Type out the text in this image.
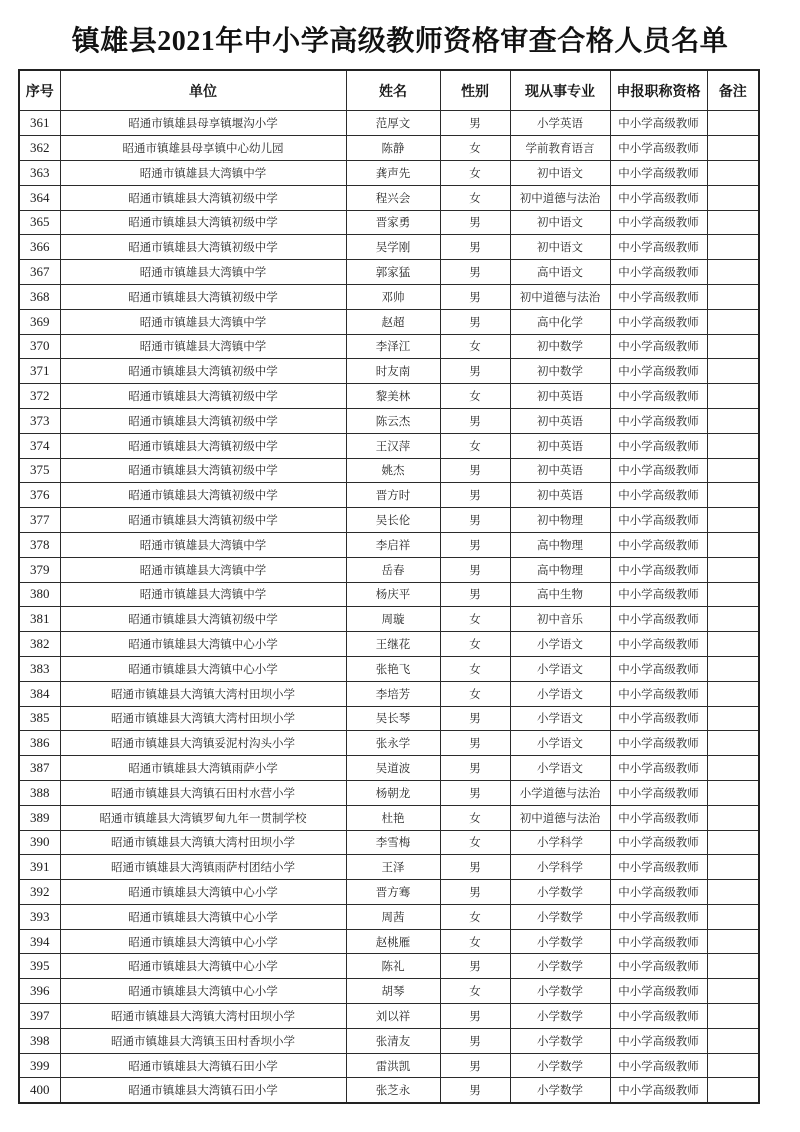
镇雄县2021年中小学高级教师资格审查合格人员名单
序号	单位	姓名	性别	现从事专业	申报职称资格	备注
361	昭通市镇雄县母享镇堰沟小学	范厚文	男	小学英语	中小学高级教师	
362	昭通市镇雄县母享镇中心幼儿园	陈静	女	学前教育语言	中小学高级教师	
363	昭通市镇雄县大湾镇中学	龚声先	女	初中语文	中小学高级教师	
364	昭通市镇雄县大湾镇初级中学	程兴会	女	初中道德与法治	中小学高级教师	
365	昭通市镇雄县大湾镇初级中学	晋家勇	男	初中语文	中小学高级教师	
366	昭通市镇雄县大湾镇初级中学	吴学刚	男	初中语文	中小学高级教师	
367	昭通市镇雄县大湾镇中学	郭家猛	男	高中语文	中小学高级教师	
368	昭通市镇雄县大湾镇初级中学	邓帅	男	初中道德与法治	中小学高级教师	
369	昭通市镇雄县大湾镇中学	赵超	男	高中化学	中小学高级教师	
370	昭通市镇雄县大湾镇中学	李泽江	女	初中数学	中小学高级教师	
371	昭通市镇雄县大湾镇初级中学	时友南	男	初中数学	中小学高级教师	
372	昭通市镇雄县大湾镇初级中学	黎美林	女	初中英语	中小学高级教师	
373	昭通市镇雄县大湾镇初级中学	陈云杰	男	初中英语	中小学高级教师	
374	昭通市镇雄县大湾镇初级中学	王汉萍	女	初中英语	中小学高级教师	
375	昭通市镇雄县大湾镇初级中学	姚杰	男	初中英语	中小学高级教师	
376	昭通市镇雄县大湾镇初级中学	晋方时	男	初中英语	中小学高级教师	
377	昭通市镇雄县大湾镇初级中学	吴长伦	男	初中物理	中小学高级教师	
378	昭通市镇雄县大湾镇中学	李启祥	男	高中物理	中小学高级教师	
379	昭通市镇雄县大湾镇中学	岳春	男	高中物理	中小学高级教师	
380	昭通市镇雄县大湾镇中学	杨庆平	男	高中生物	中小学高级教师	
381	昭通市镇雄县大湾镇初级中学	周璇	女	初中音乐	中小学高级教师	
382	昭通市镇雄县大湾镇中心小学	王继花	女	小学语文	中小学高级教师	
383	昭通市镇雄县大湾镇中心小学	张艳飞	女	小学语文	中小学高级教师	
384	昭通市镇雄县大湾镇大湾村田坝小学	李培芳	女	小学语文	中小学高级教师	
385	昭通市镇雄县大湾镇大湾村田坝小学	吴长琴	男	小学语文	中小学高级教师	
386	昭通市镇雄县大湾镇妥泥村沟头小学	张永学	男	小学语文	中小学高级教师	
387	昭通市镇雄县大湾镇雨萨小学	吴道波	男	小学语文	中小学高级教师	
388	昭通市镇雄县大湾镇石田村水营小学	杨朝龙	男	小学道德与法治	中小学高级教师	
389	昭通市镇雄县大湾镇罗甸九年一贯制学校	杜艳	女	初中道德与法治	中小学高级教师	
390	昭通市镇雄县大湾镇大湾村田坝小学	李雪梅	女	小学科学	中小学高级教师	
391	昭通市镇雄县大湾镇雨萨村团结小学	王泽	男	小学科学	中小学高级教师	
392	昭通市镇雄县大湾镇中心小学	晋方骞	男	小学数学	中小学高级教师	
393	昭通市镇雄县大湾镇中心小学	周茜	女	小学数学	中小学高级教师	
394	昭通市镇雄县大湾镇中心小学	赵桃雁	女	小学数学	中小学高级教师	
395	昭通市镇雄县大湾镇中心小学	陈礼	男	小学数学	中小学高级教师	
396	昭通市镇雄县大湾镇中心小学	胡琴	女	小学数学	中小学高级教师	
397	昭通市镇雄县大湾镇大湾村田坝小学	刘以祥	男	小学数学	中小学高级教师	
398	昭通市镇雄县大湾镇玉田村香坝小学	张清友	男	小学数学	中小学高级教师	
399	昭通市镇雄县大湾镇石田小学	雷洪凯	男	小学数学	中小学高级教师	
400	昭通市镇雄县大湾镇石田小学	张芝永	男	小学数学	中小学高级教师	
